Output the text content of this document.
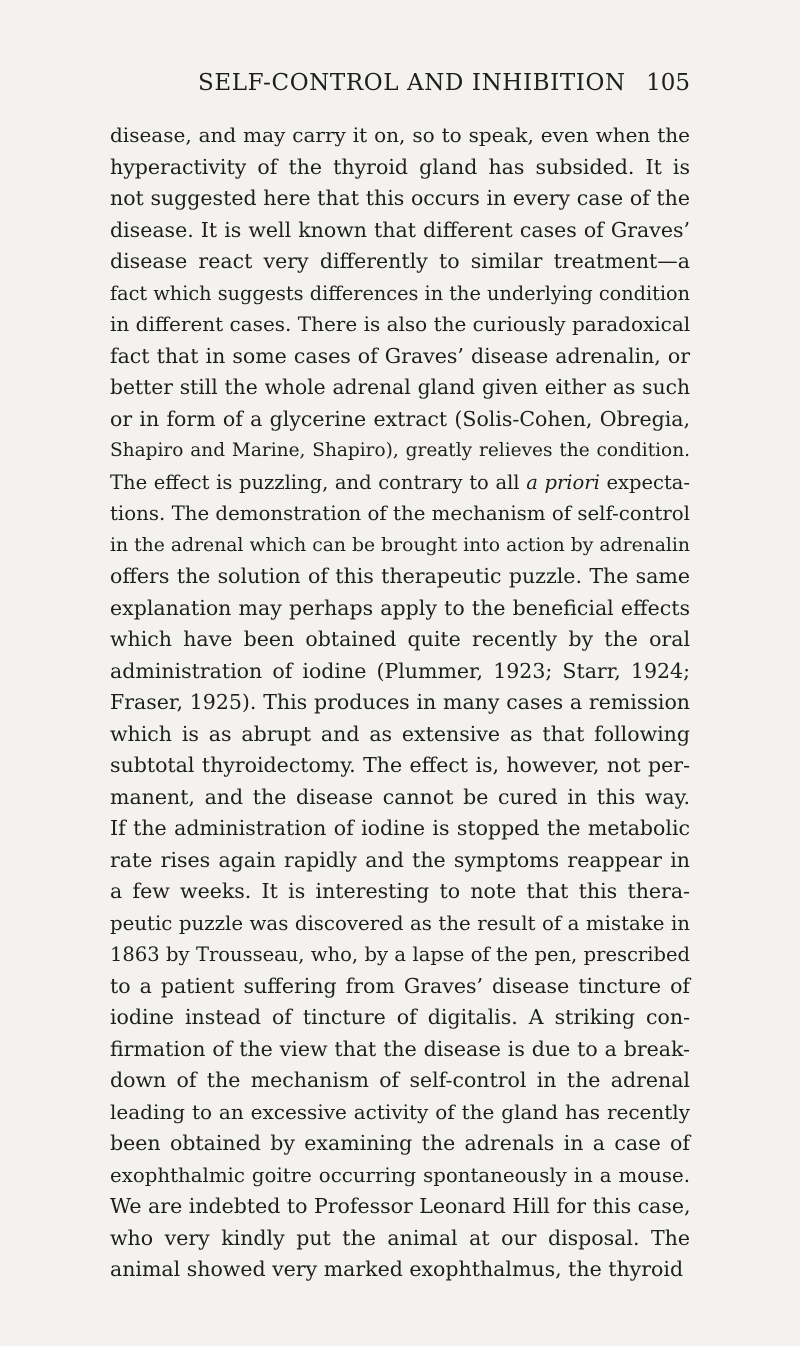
SELF-CONTROL AND INHIBITION 105
disease, and may carry it on, so to speak, even when the
hyperactivity of the thyroid gland has subsided. It is
not suggested here that this occurs in every case of the
disease. It is well known that different cases of Graves’
disease react very differently to similar treatment—a
fact which suggests differences in the underlying condition
in different cases. There is also the curiously paradoxical
fact that in some cases of Graves’ disease adrenalin, or
better still the whole adrenal gland given either as such
or in form of a glycerine extract (Solis-Cohen, Obregia,
Shapiro and Marine, Shapiro), greatly relieves the condition.
The effect is puzzling, and contrary to all a priori expecta-
tions. The demonstration of the mechanism of self-control
in the adrenal which can be brought into action by adrenalin
offers the solution of this therapeutic puzzle. The same
explanation may perhaps apply to the beneficial effects
which have been obtained quite recently by the oral
administration of iodine (Plummer, 1923; Starr, 1924;
Fraser, 1925). This produces in many cases a remission
which is as abrupt and as extensive as that following
subtotal thyroidectomy. The effect is, however, not per-
manent, and the disease cannot be cured in this way.
If the administration of iodine is stopped the metabolic
rate rises again rapidly and the symptoms reappear in
a few weeks. It is interesting to note that this thera-
peutic puzzle was discovered as the result of a mistake in
1863 by Trousseau, who, by a lapse of the pen, prescribed
to a patient suffering from Graves’ disease tincture of
iodine instead of tincture of digitalis. A striking con-
firmation of the view that the disease is due to a break-
down of the mechanism of self-control in the adrenal
leading to an excessive activity of the gland has recently
been obtained by examining the adrenals in a case of
exophthalmic goitre occurring spontaneously in a mouse.
We are indebted to Professor Leonard Hill for this case,
who very kindly put the animal at our disposal. The
animal showed very marked exophthalmus, the thyroid
